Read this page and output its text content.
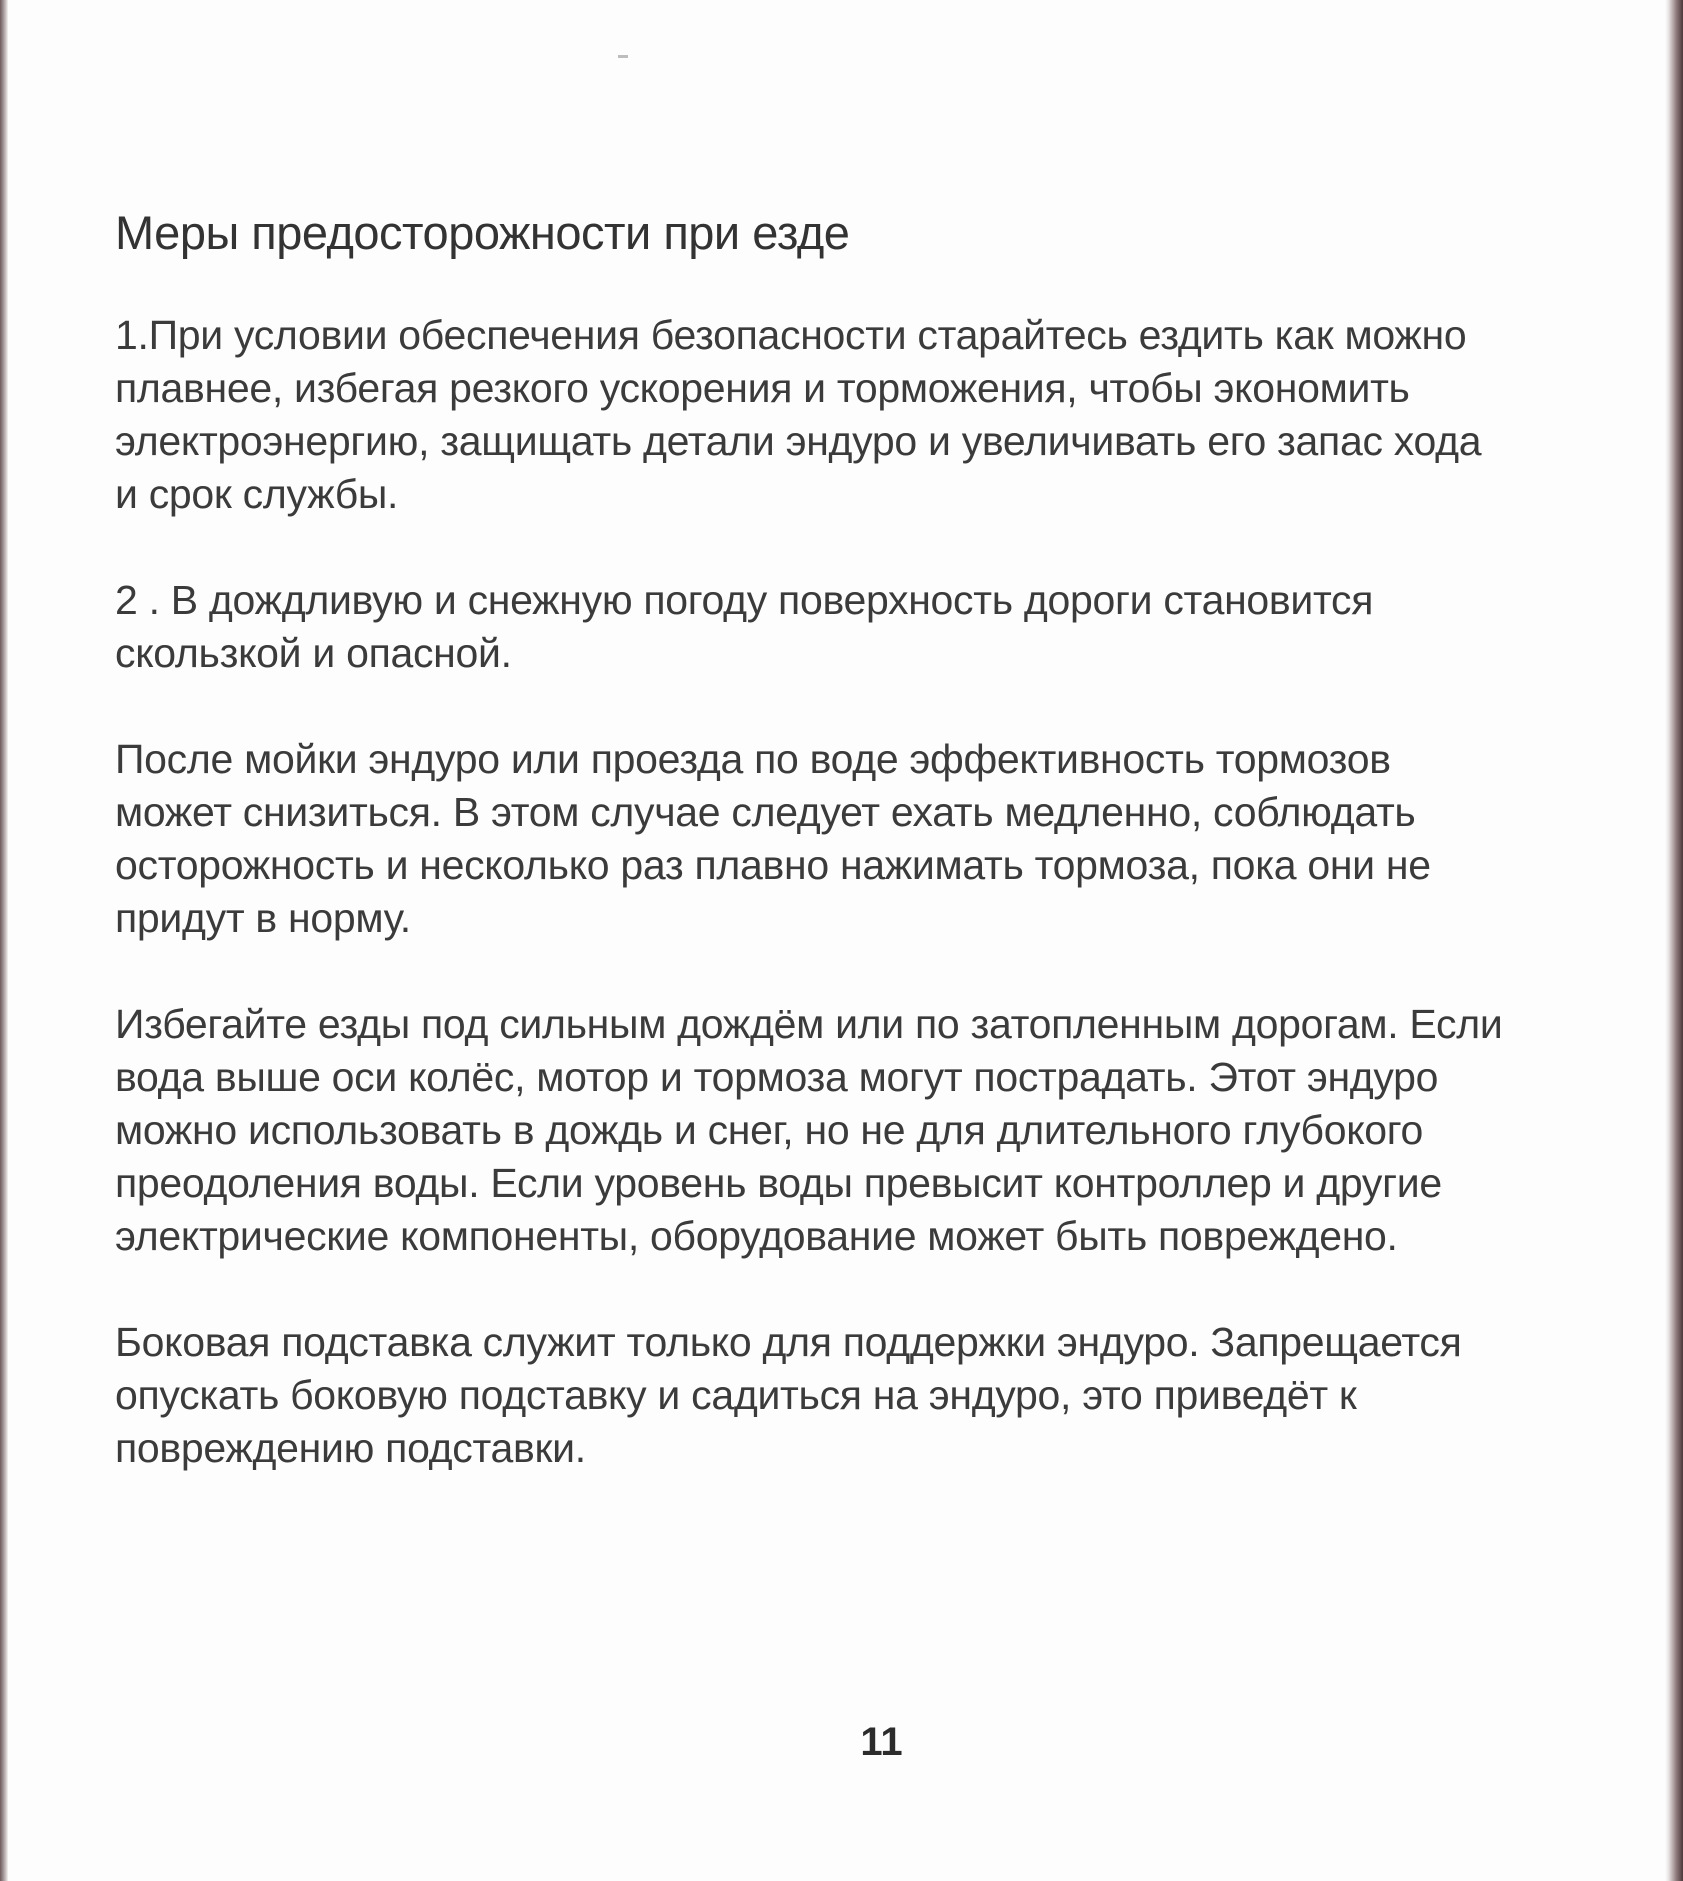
Меры предосторожности при езде

1.При условии обеспечения безопасности старайтесь ездить как можно
плавнее, избегая резкого ускорения и торможения, чтобы экономить
электроэнергию, защищать детали эндуро и увеличивать его запас хода
и срок службы.

2 . В дождливую и снежную погоду поверхность дороги становится
скользкой и опасной.

После мойки эндуро или проезда по воде эффективность тормозов
может снизиться. В этом случае следует ехать медленно, соблюдать
осторожность и несколько раз плавно нажимать тормоза, пока они не
придут в норму.

Избегайте езды под сильным дождём или по затопленным дорогам. Если
вода выше оси колёс, мотор и тормоза могут пострадать. Этот эндуро
можно использовать в дождь и снег, но не для длительного глубокого
преодоления воды. Если уровень воды превысит контроллер и другие
электрические компоненты, оборудование может быть повреждено.

Боковая подставка служит только для поддержки эндуро. Запрещается
опускать боковую подставку и садиться на эндуро, это приведёт к
повреждению подставки.

11
